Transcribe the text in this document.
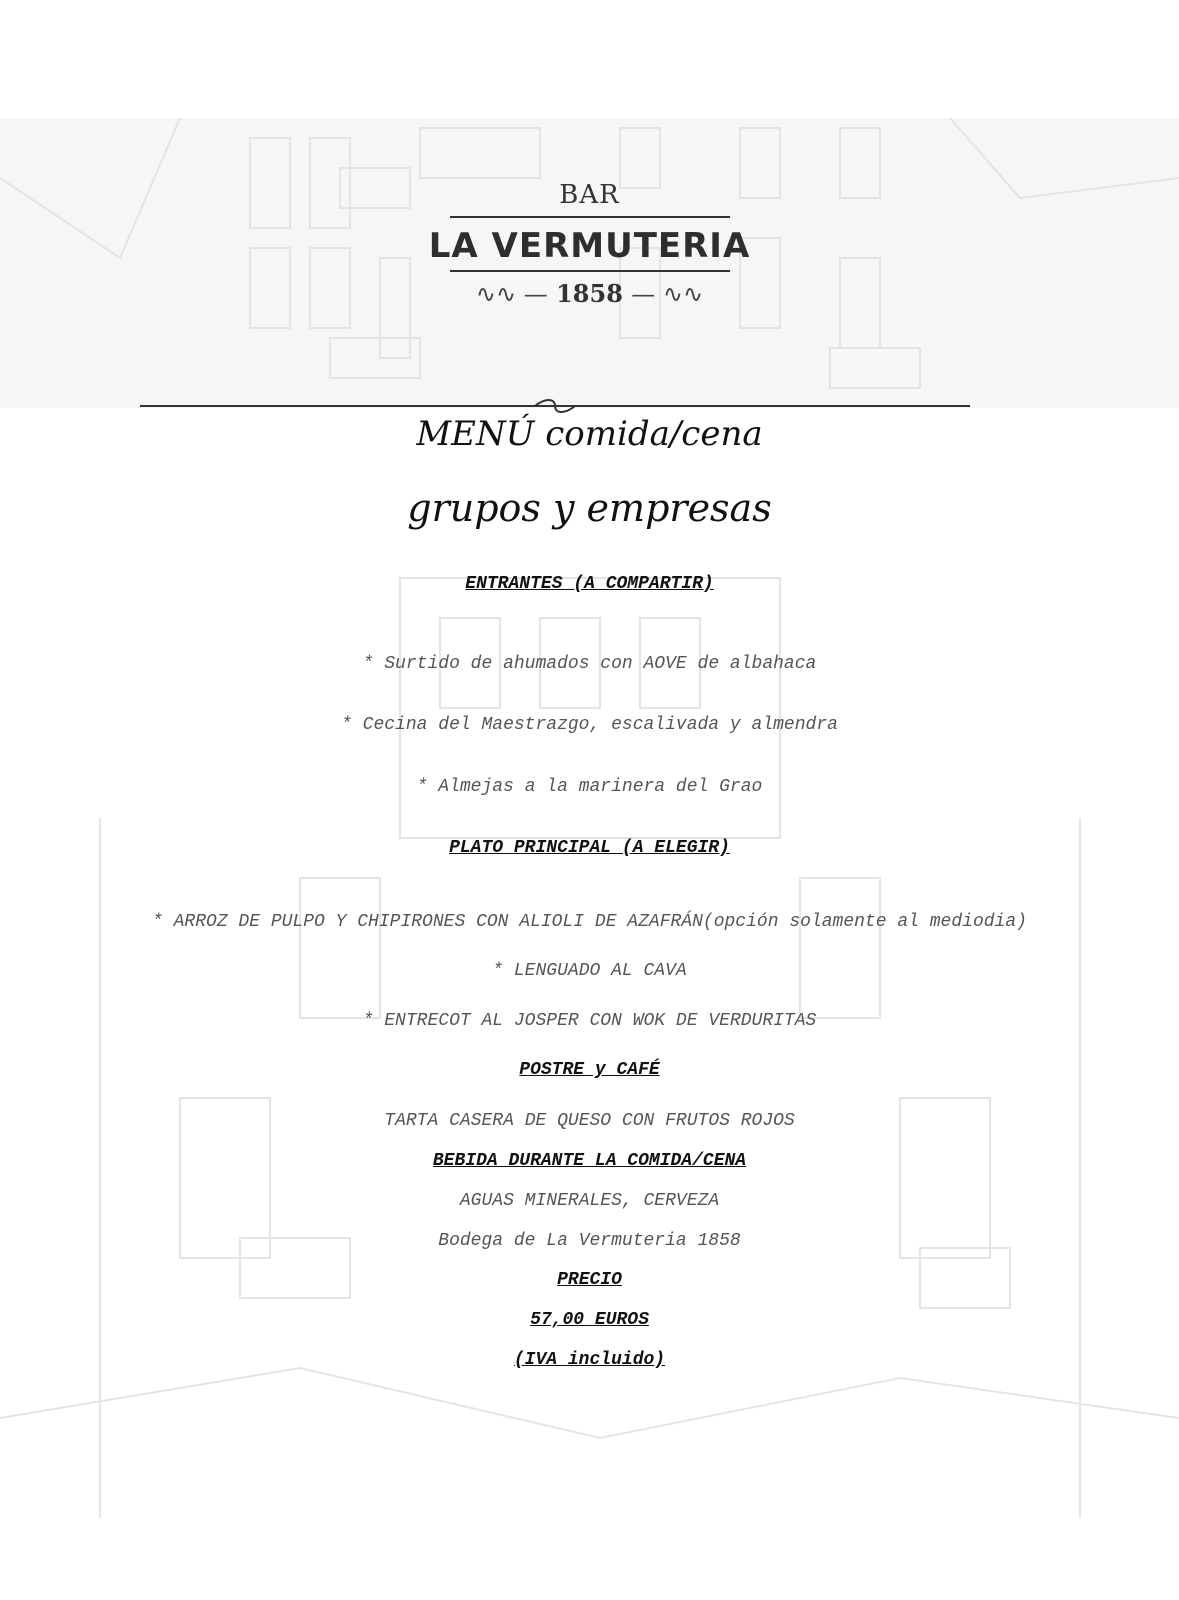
BAR
LA VERMUTERIA
∿∿ — 1858 — ∿∿
MENÚ comida/cena
grupos y empresas
ENTRANTES (A COMPARTIR)
* Surtido de ahumados con AOVE de albahaca
* Cecina del Maestrazgo, escalivada y almendra
* Almejas a la marinera del Grao
PLATO PRINCIPAL (A ELEGIR)
* ARROZ DE PULPO Y CHIPIRONES CON ALIOLI DE AZAFRÁN(opción solamente al mediodia)
* LENGUADO AL CAVA
* ENTRECOT AL JOSPER CON WOK DE VERDURITAS
POSTRE y CAFÉ
TARTA CASERA DE QUESO CON FRUTOS ROJOS
BEBIDA DURANTE LA COMIDA/CENA
AGUAS MINERALES, CERVEZA
Bodega de La Vermuteria 1858
PRECIO
57,00 EUROS
(IVA incluido)
